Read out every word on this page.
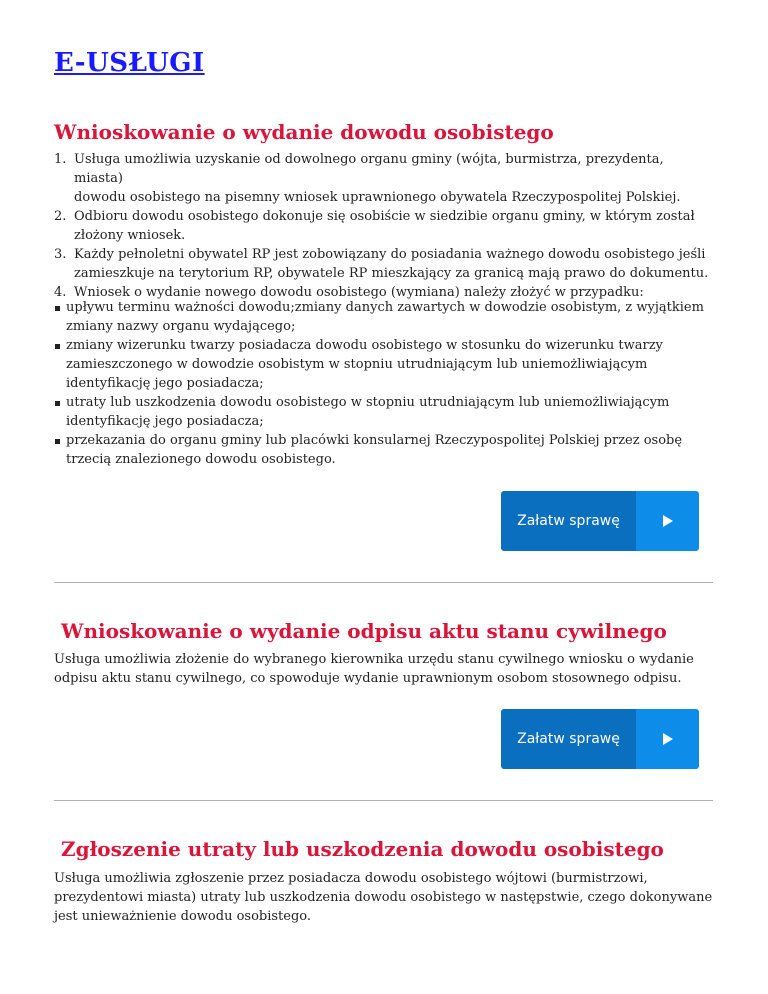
E-USŁUGI
Wnioskowanie o wydanie dowodu osobistego
1. Usługa umożliwia uzyskanie od dowolnego organu gminy (wójta, burmistrza, prezydenta, miasta)
dowodu osobistego na pisemny wniosek uprawnionego obywatela Rzeczypospolitej Polskiej.
2. Odbioru dowodu osobistego dokonuje się osobiście w siedzibie organu gminy, w którym został
złożony wniosek.
3. Każdy pełnoletni obywatel RP jest zobowiązany do posiadania ważnego dowodu osobistego jeśli
zamieszkuje na terytorium RP, obywatele RP mieszkający za granicą mają prawo do dokumentu.
4. Wniosek o wydanie nowego dowodu osobistego (wymiana) należy złożyć w przypadku:
upływu terminu ważności dowodu;zmiany danych zawartych w dowodzie osobistym, z wyjątkiem
zmiany nazwy organu wydającego;
zmiany wizerunku twarzy posiadacza dowodu osobistego w stosunku do wizerunku twarzy
zamieszczonego w dowodzie osobistym w stopniu utrudniającym lub uniemożliwiającym
identyfikację jego posiadacza;
utraty lub uszkodzenia dowodu osobistego w stopniu utrudniającym lub uniemożliwiającym
identyfikację jego posiadacza;
przekazania do organu gminy lub placówki konsularnej Rzeczypospolitej Polskiej przez osobę
trzecią znalezionego dowodu osobistego.
Załatw sprawę
Wnioskowanie o wydanie odpisu aktu stanu cywilnego

Usługa umożliwia złożenie do wybranego kierownika urzędu stanu cywilnego wniosku o wydanie
odpisu aktu stanu cywilnego, co spowoduje wydanie uprawnionym osobom stosownego odpisu.

Załatw sprawę
Zgłoszenie utraty lub uszkodzenia dowodu osobistego

Usługa umożliwia zgłoszenie przez posiadacza dowodu osobistego wójtowi (burmistrzowi,
prezydentowi miasta) utraty lub uszkodzenia dowodu osobistego w następstwie, czego dokonywane
jest unieważnienie dowodu osobistego.
